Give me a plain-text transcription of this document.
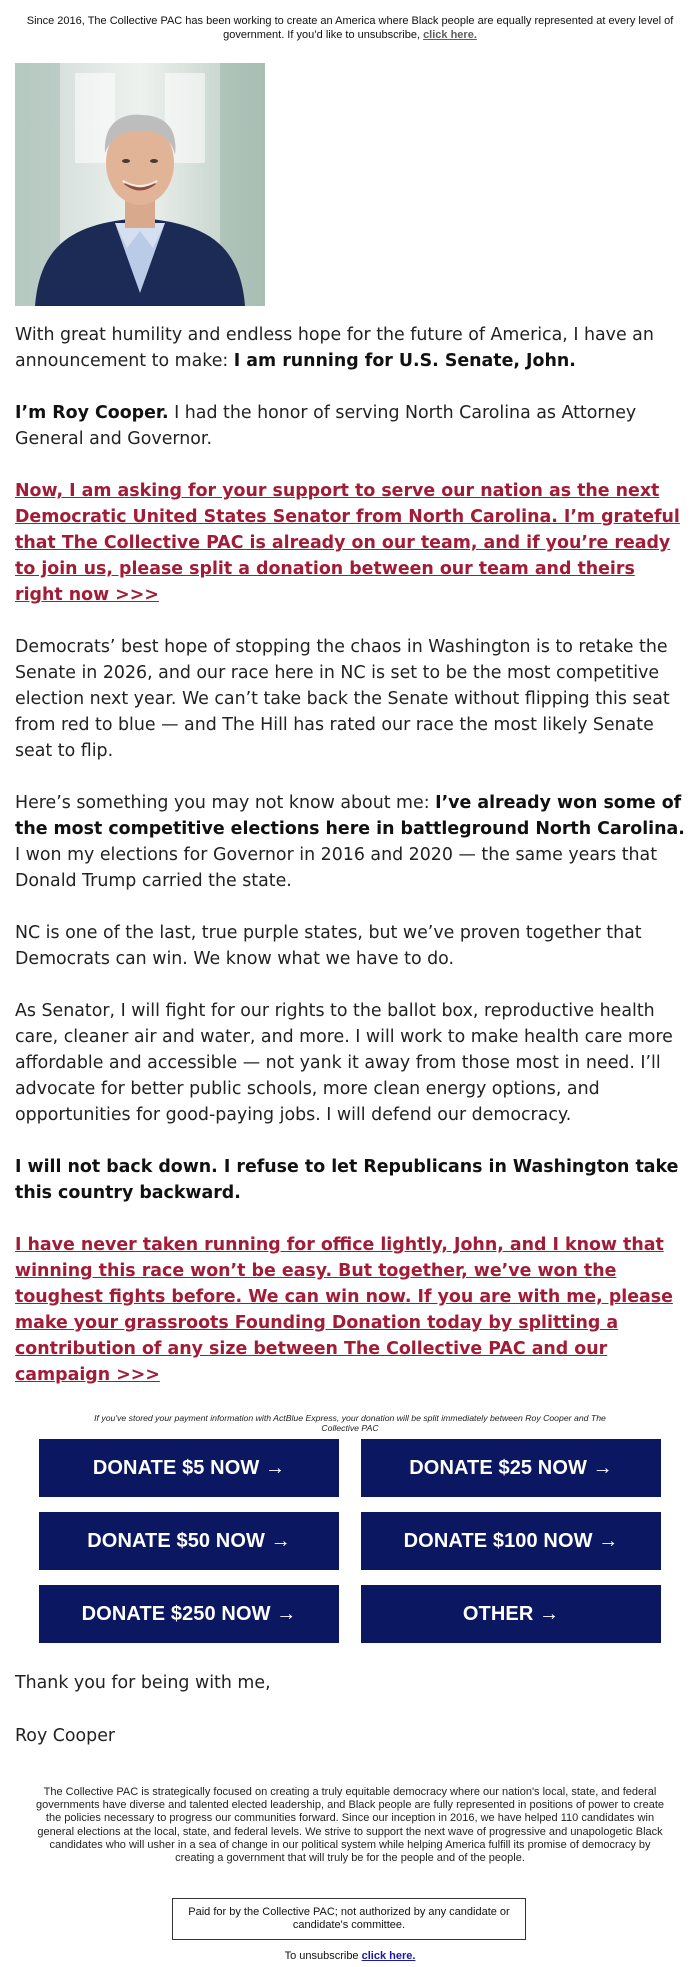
Since 2016, The Collective PAC has been working to create an America where Black people are equally represented at every level of government. If you’d like to unsubscribe, click here.

With great humility and endless hope for the future of America, I have an announcement to make: I am running for U.S. Senate, John.

I’m Roy Cooper. I had the honor of serving North Carolina as Attorney General and Governor.

Now, I am asking for your support to serve our nation as the next Democratic United States Senator from North Carolina. I’m grateful that The Collective PAC is already on our team, and if you’re ready to join us, please split a donation between our team and theirs right now >>>

Democrats’ best hope of stopping the chaos in Washington is to retake the Senate in 2026, and our race here in NC is set to be the most competitive election next year. We can’t take back the Senate without flipping this seat from red to blue — and The Hill has rated our race the most likely Senate seat to flip.

Here’s something you may not know about me: I’ve already won some of the most competitive elections here in battleground North Carolina. I won my elections for Governor in 2016 and 2020 — the same years that Donald Trump carried the state.

NC is one of the last, true purple states, but we’ve proven together that Democrats can win. We know what we have to do.

As Senator, I will fight for our rights to the ballot box, reproductive health care, cleaner air and water, and more. I will work to make health care more affordable and accessible — not yank it away from those most in need. I’ll advocate for better public schools, more clean energy options, and opportunities for good-paying jobs. I will defend our democracy.

I will not back down. I refuse to let Republicans in Washington take this country backward.

I have never taken running for office lightly, John, and I know that winning this race won’t be easy. But together, we’ve won the toughest fights before. We can win now. If you are with me, please make your grassroots Founding Donation today by splitting a contribution of any size between The Collective PAC and our campaign >>>

If you've stored your payment information with ActBlue Express, your donation will be split immediately between Roy Cooper and The Collective PAC
DONATE $5 NOW →	DONATE $25 NOW →
DONATE $50 NOW →	DONATE $100 NOW →
DONATE $250 NOW →	OTHER →
Thank you for being with me,
Roy Cooper
The Collective PAC is strategically focused on creating a truly equitable democracy where our nation's local, state, and federal governments have diverse and talented elected leadership, and Black people are fully represented in positions of power to create the policies necessary to progress our communities forward. Since our inception in 2016, we have helped 110 candidates win general elections at the local, state, and federal levels. We strive to support the next wave of progressive and unapologetic Black candidates who will usher in a sea of change in our political system while helping America fulfill its promise of democracy by creating a government that will truly be for the people and of the people.
Paid for by the Collective PAC; not authorized by any candidate or candidate's committee.
To unsubscribe click here.
